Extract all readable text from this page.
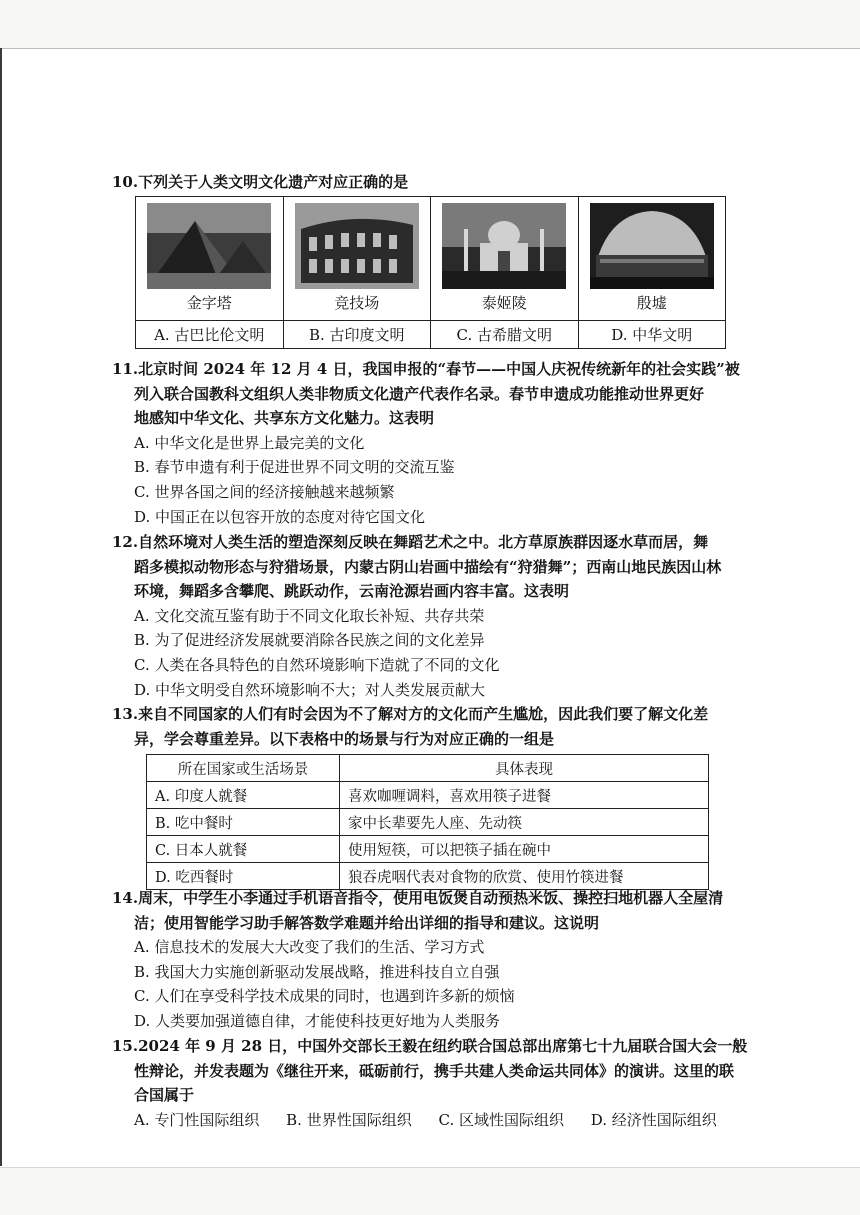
10.下列关于人类文明文化遗产对应正确的是
金字塔	竞技场	泰姬陵	殷墟

A. 古巴比伦文明	B. 古印度文明	C. 古希腊文明	D. 中华文明
11.北京时间 2024 年 12 月 4 日，我国申报的“春节——中国人庆祝传统新年的社会实践”被
列入联合国教科文组织人类非物质文化遗产代表作名录。春节申遗成功能推动世界更好
地感知中华文化、共享东方文化魅力。这表明
A. 中华文化是世界上最完美的文化
B. 春节申遗有利于促进世界不同文明的交流互鉴
C. 世界各国之间的经济接触越来越频繁
D. 中国正在以包容开放的态度对待它国文化
12.自然环境对人类生活的塑造深刻反映在舞蹈艺术之中。北方草原族群因逐水草而居，舞
蹈多模拟动物形态与狩猎场景，内蒙古阴山岩画中描绘有“狩猎舞”；西南山地民族因山林
环境，舞蹈多含攀爬、跳跃动作，云南沧源岩画内容丰富。这表明
A. 文化交流互鉴有助于不同文化取长补短、共存共荣
B. 为了促进经济发展就要消除各民族之间的文化差异
C. 人类在各具特色的自然环境影响下造就了不同的文化
D. 中华文明受自然环境影响不大；对人类发展贡献大
13.来自不同国家的人们有时会因为不了解对方的文化而产生尴尬，因此我们要了解文化差
异，学会尊重差异。以下表格中的场景与行为对应正确的一组是
所在国家或生活场景	具体表现
A. 印度人就餐	喜欢咖喱调料，喜欢用筷子进餐
B. 吃中餐时	家中长辈要先人座、先动筷
C. 日本人就餐	使用短筷，可以把筷子插在碗中
D. 吃西餐时	狼吞虎咽代表对食物的欣赏、使用竹筷进餐
14.周末，中学生小李通过手机语音指令，使用电饭煲自动预热米饭、操控扫地机器人全屋清
洁；使用智能学习助手解答数学难题并给出详细的指导和建议。这说明
A. 信息技术的发展大大改变了我们的生活、学习方式
B. 我国大力实施创新驱动发展战略，推进科技自立自强
C. 人们在享受科学技术成果的同时，也遇到许多新的烦恼
D. 人类要加强道德自律，才能使科技更好地为人类服务
15.2024 年 9 月 28 日，中国外交部长王毅在纽约联合国总部出席第七十九届联合国大会一般
性辩论，并发表题为《继往开来，砥砺前行，携手共建人类命运共同体》的演讲。这里的联
合国属于
A. 专门性国际组织 B. 世界性国际组织 C. 区域性国际组织 D. 经济性国际组织
